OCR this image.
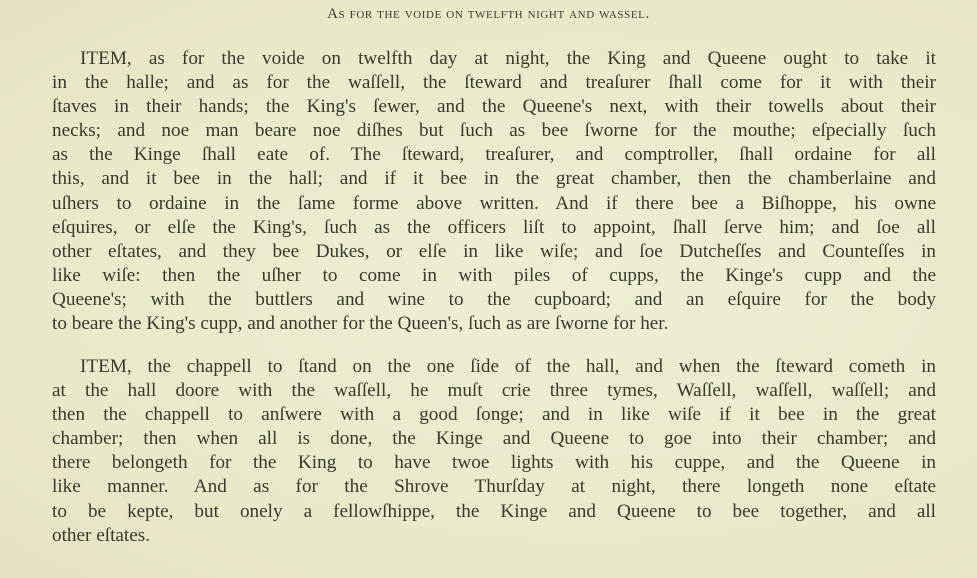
As for the voide on twelfth night and wassel.
ITEM, as for the voide on twelfth day at night, the King and Queene ought to take it
in the halle; and as for the waſſell, the ſteward and treaſurer ſhall come for it with their
ſtaves in their hands; the King's ſewer, and the Queene's next, with their towells about their
necks; and noe man beare noe diſhes but ſuch as bee ſworne for the mouthe; eſpecially ſuch
as the Kinge ſhall eate of. The ſteward, treaſurer, and comptroller, ſhall ordaine for all
this, and it bee in the hall; and if it bee in the great chamber, then the chamberlaine and
uſhers to ordaine in the ſame forme above written. And if there bee a Biſhoppe, his owne
eſquires, or elſe the King's, ſuch as the officers liſt to appoint, ſhall ſerve him; and ſoe all
other eſtates, and they bee Dukes, or elſe in like wiſe; and ſoe Dutcheſſes and Counteſſes in
like wiſe: then the uſher to come in with piles of cupps, the Kinge's cupp and the
Queene's; with the buttlers and wine to the cupboard; and an eſquire for the body
to beare the King's cupp, and another for the Queen's, ſuch as are ſworne for her.
ITEM, the chappell to ſtand on the one ſide of the hall, and when the ſteward cometh in
at the hall doore with the waſſell, he muſt crie three tymes, Waſſell, waſſell, waſſell; and
then the chappell to anſwere with a good ſonge; and in like wiſe if it bee in the great
chamber; then when all is done, the Kinge and Queene to goe into their chamber; and
there belongeth for the King to have twoe lights with his cuppe, and the Queene in
like manner. And as for the Shrove Thurſday at night, there longeth none eſtate
to be kepte, but onely a fellowſhippe, the Kinge and Queene to bee together, and all
other eſtates.
